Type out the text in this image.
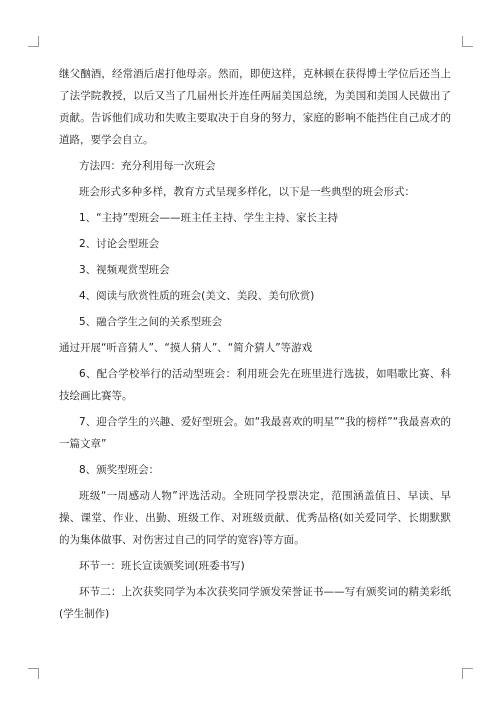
继父酗酒，经常酒后虐打他母亲。然而，即使这样，克林顿在获得博士学位后还当上了法学院教授，以后又当了几届州长并连任两届美国总统，为美国和美国人民做出了贡献。告诉他们成功和失败主要取决于自身的努力，家庭的影响不能挡住自己成才的道路，要学会自立。

方法四：充分利用每一次班会

班会形式多种多样，教育方式呈现多样化，以下是一些典型的班会形式：

1、“主持”型班会——班主任主持、学生主持、家长主持

2、讨论会型班会

3、视频观赏型班会

4、阅读与欣赏性质的班会(美文、美段、美句欣赏)

5、融合学生之间的关系型班会

通过开展“听音猜人”、“摸人猜人”、“简介猜人”等游戏

6、配合学校举行的活动型班会：利用班会先在班里进行选拔，如唱歌比赛、科技绘画比赛等。

7、迎合学生的兴趣、爱好型班会。如“我最喜欢的明星”“我的榜样”“我最喜欢的一篇文章”

8、颁奖型班会：

班级“一周感动人物”评选活动。全班同学投票决定，范围涵盖值日、早读、早操、课堂、作业、出勤、班级工作、对班级贡献、优秀品格(如关爱同学、长期默默的为集体做事、对伤害过自己的同学的宽容)等方面。

环节一：班长宣读颁奖词(班委书写)

环节二：上次获奖同学为本次获奖同学颁发荣誉证书——写有颁奖词的精美彩纸(学生制作)
